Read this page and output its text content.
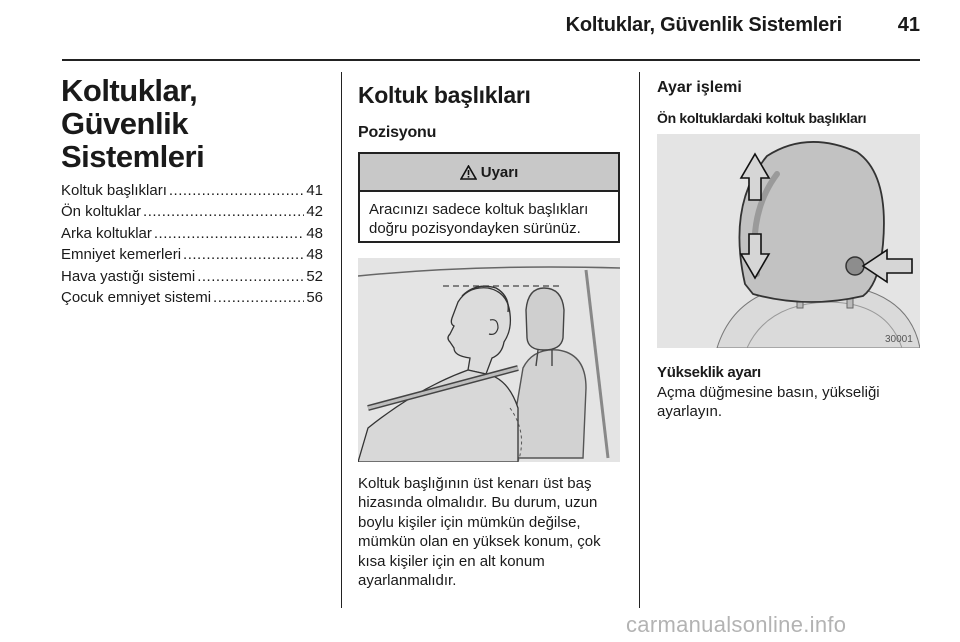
Koltuklar, Güvenlik Sistemleri	41
Koltuklar, Güvenlik
Sistemleri
Koltuk başlıkları .....	41
Ön koltuklar .....	42
Arka koltuklar .....	48
Emniyet kemerleri .....	48
Hava yastığı sistemi .....	52
Çocuk emniyet sistemi .....	56
Koltuk başlıkları
Pozisyonu
Uyarı
Aracınızı sadece koltuk başlıkları doğru pozisyondayken sürünüz.
Koltuk başlığının üst kenarı üst baş
hizasında olmalıdır. Bu durum, uzun
boylu kişiler için mümkün değilse,
mümkün olan en yüksek konum, çok
kısa kişiler için en alt konum
ayarlanmalıdır.
Ayar işlemi
Ön koltuklardaki koltuk başlıkları
30001
Yükseklik ayarı
Açma düğmesine basın, yükseliği
ayarlayın.
carmanualsonline.info
